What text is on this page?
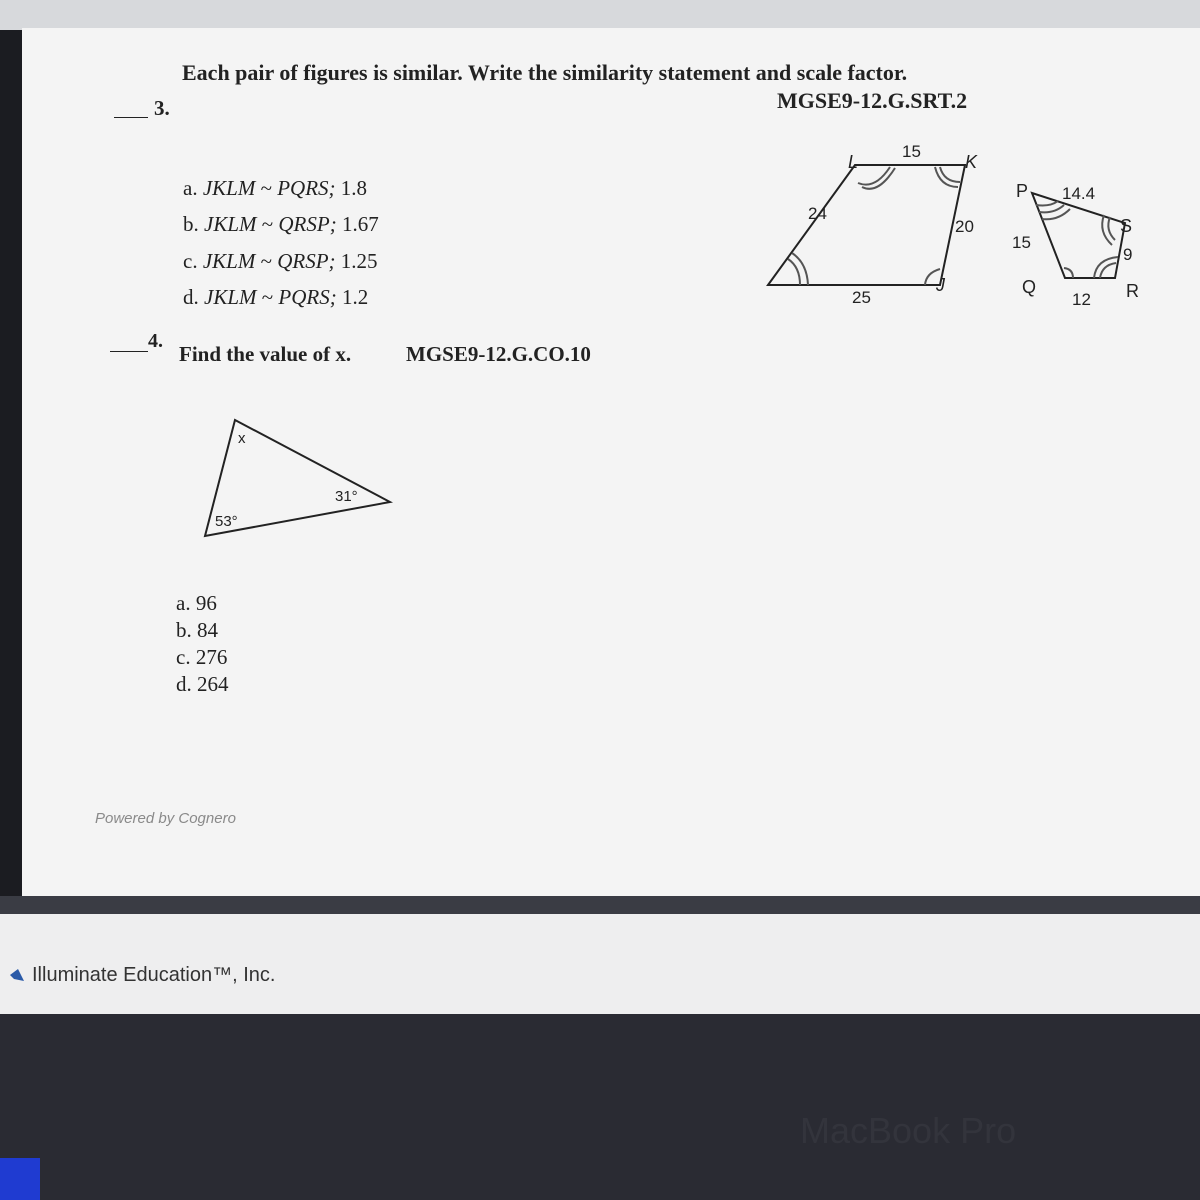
3.
Each pair of figures is similar. Write the similarity statement and scale factor.
MGSE9-12.G.SRT.2
a. JKLM ~ PQRS; 1.8
b. JKLM ~ QRSP; 1.67
c. JKLM ~ QRSP; 1.25
d. JKLM ~ PQRS; 1.2
L	K
J
15
24
20
25
P
Q	R
S
14.4
15
9
12
4.
Find the value of x.	MGSE9-12.G.CO.10
x
31°
53°
a. 96
b. 84
c. 276
d. 264
Powered by Cognero
Illuminate Education™, Inc.
MacBook Pro
